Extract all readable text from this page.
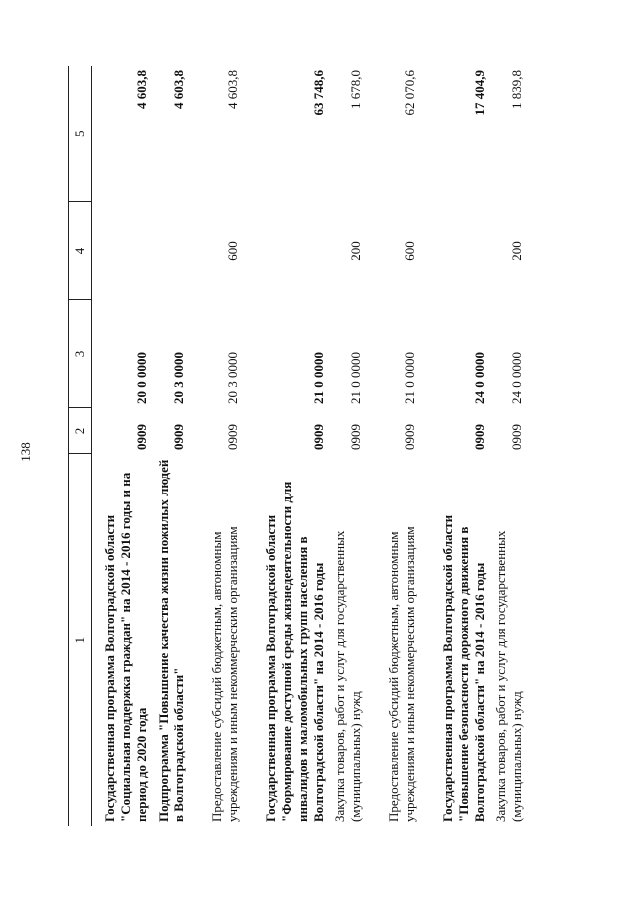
138
1	2	3	4	5
Государственная программа Волгоградской области "Социальная поддержка граждан" на 2014 - 2016 годы и на период до 2020 года	0909	20 0 0000		4 603,8
Подпрограмма "Повышение качества жизни пожилых людей в Волгоградской области"	0909	20 3 0000		4 603,8

Предоставление субсидий бюджетным, автономным учреждениям и иным некоммерческим организациям	0909	20 3 0000	600	4 603,8

Государственная программа Волгоградской области "Формирование доступной среды жизнедеятельности для инвалидов и маломобильных групп населения в Волгоградской области" на 2014 - 2016 годы	0909	21 0 0000		63 748,6
Закупка товаров, работ и услуг для государственных (муниципальных) нужд	0909	21 0 0000	200	1 678,0

Предоставление субсидий бюджетным, автономным учреждениям и иным некоммерческим организациям	0909	21 0 0000	600	62 070,6

Государственная программа Волгоградской области "Повышение безопасности дорожного движения в Волгоградской области" на 2014 - 2016 годы	0909	24 0 0000		17 404,9
Закупка товаров, работ и услуг для государственных (муниципальных) нужд	0909	24 0 0000	200	1 839,8
